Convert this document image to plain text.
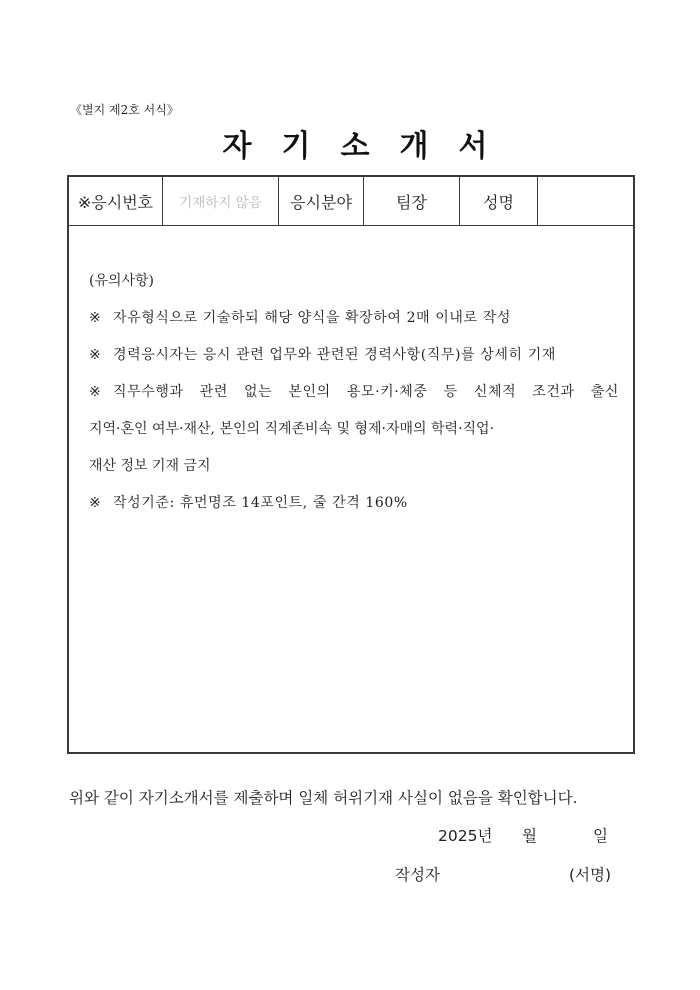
《별지 제2호 서식》
자기소개서
※응시번호	기재하지 않음	응시분야	팀장	성명
(유의사항)
※ 자유형식으로 기술하되 해당 양식을 확장하여 2매 이내로 작성
※ 경력응시자는 응시 관련 업무와 관련된 경력사항(직무)를 상세히 기재
※ 직무수행과 관련 없는 본인의 용모·키·체중 등 신체적 조건과 출신
지역·혼인 여부·재산, 본인의 직계존비속 및 형제·자매의 학력·직업·
재산 정보 기재 금지
※ 작성기준: 휴먼명조 14포인트, 줄 간격 160%
위와 같이 자기소개서를 제출하며 일체 허위기재 사실이 없음을 확인합니다.
2025년 월	일
작성자	(서명)
